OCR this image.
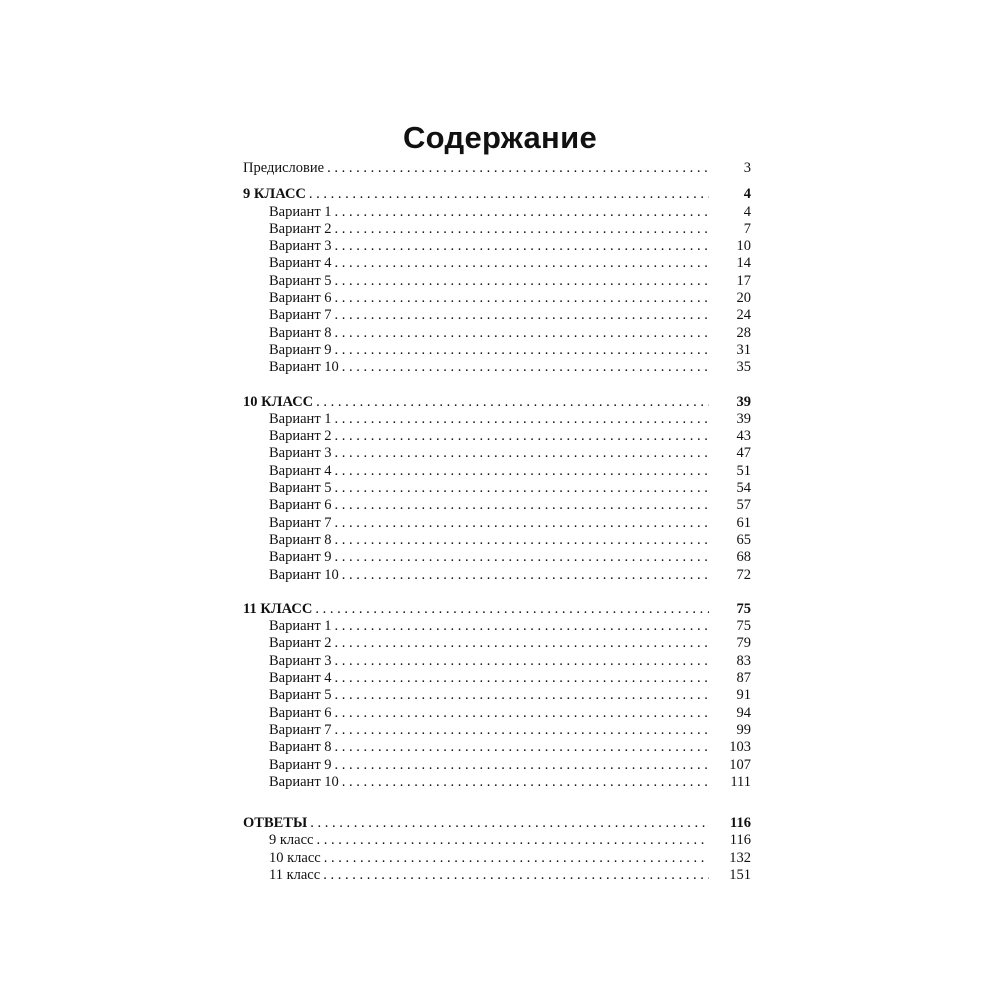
Содержание
Предисловие . . .	3
9 КЛАСС . . .	4
Вариант 1 . . .	4
Вариант 2 . . .	7
Вариант 3 . . .	10
Вариант 4 . . .	14
Вариант 5 . . .	17
Вариант 6 . . .	20
Вариант 7 . . .	24
Вариант 8 . . .	28
Вариант 9 . . .	31
Вариант 10 . . .	35
10 КЛАСС . . .	39
Вариант 1 . . .	39
Вариант 2 . . .	43
Вариант 3 . . .	47
Вариант 4 . . .	51
Вариант 5 . . .	54
Вариант 6 . . .	57
Вариант 7 . . .	61
Вариант 8 . . .	65
Вариант 9 . . .	68
Вариант 10 . . .	72
11 КЛАСС . . .	75
Вариант 1 . . .	75
Вариант 2 . . .	79
Вариант 3 . . .	83
Вариант 4 . . .	87
Вариант 5 . . .	91
Вариант 6 . . .	94
Вариант 7 . . .	99
Вариант 8 . . .	103
Вариант 9 . . .	107
Вариант 10 . . .	111
ОТВЕТЫ . . .	116
9 класс . . .	116
10 класс . . .	132
11 класс . . .	151
